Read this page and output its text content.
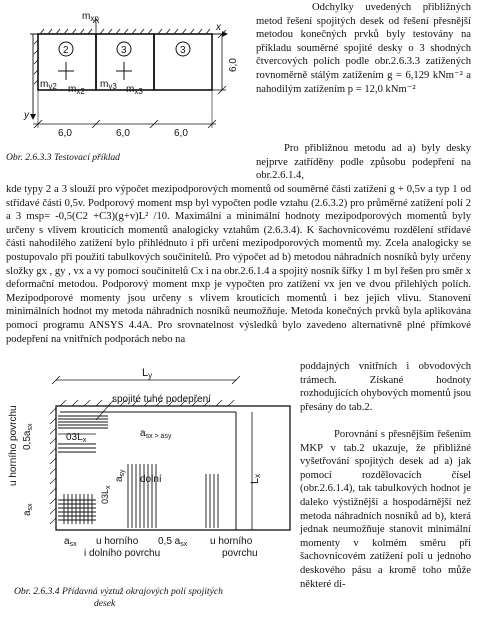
x
y
$m_{xp}$
2	3	3
$m_{y2}$ $m_{x2}$
$m_{y3}$ $m_{x3}$
6,0
6,0	6,0	6,0
Obr. 2.6.3.3 Testovací příklad
Odchylky uvedených přibližných metod řešení spojitých desek od řešení přesnější metodou konečných prvků byly testovány na příkladu souměrné spojité desky o 3 shodných čtvercových polích podle obr.2.6.3.3 zatížených rovnoměrně stálým zatížením g = 6,129 kNm⁻² a nahodilým zatížením p = 12,0 kNm⁻²
Pro přibližnou metodu ad a) byly desky nejprve zatříděny podle způsobu podepření na obr.2.6.1.4,
kde typy 2 a 3 slouží pro výpočet mezipodporových momentů od souměrné části zatížení g + 0,5v a typ 1 od střídavé části 0,5v. Podporový moment msp byl vypočten podle vztahu (2.6.3.2) pro průměrné zatížení polí 2 a 3 msp= -0,5(C2 +C3)(g+v)L² /10. Maximální a minimální hodnoty mezipodporových momentů byly určeny s vlivem krouticích momentů analogicky vztahům (2.6.3.4). K šachovnicovému rozdělení střídavé části nahodilého zatížení bylo přihlédnuto i při určení mezipodporových momentů my. Zcela analogicky se postupovalo při použití tabulkových součinitelů. Pro výpočet ad b) metodou náhradních nosníků byly určeny složky gx , gy , vx a vy pomocí součinitelů Cx i na obr.2.6.1.4 a spojitý nosník šířky 1 m byl řešen pro směr x deformační metodou. Podporový moment mxp je vypočten pro zatížení vx jen ve dvou přilehlých polích. Mezipodporové momenty jsou určeny s vlivem krouticích momentů i bez jejich vlivu. Stanovení minimálních hodnot my metoda náhradních nosníků neumožňuje. Metoda konečných prvků byla aplikována pomocí programu ANSYS 4.4A. Pro srovnatelnost výsledků bylo zavedeno alternativně plné přímkové podepření na vnitřních podporách nebo na
Ly
Lx
spojité tuhé podepření
$03L_x$
$a_{sx > a}sy$
$03L_x$
$a_{sy}$
dolní
u horního povrchu $0,5a_{sx}$
$a_{sx}$
$a_{sx}$ u horního
i dolního povrchu
0,5 $a_{sx}$ u horního
povrchu
Obr. 2.6.3.4 Přídavná výztuž okrajových polí spojitých
desek
poddajných vnitřních i obvodových trámech. Získané hodnoty rozhodujících ohybových momentů jsou přesány do tab.2.
Porovnání s přesnějším řešením MKP v tab.2 ukazuje, že přibližné vyšetřování spojitých desek ad a) jak pomocí rozdělovacích čísel (obr.2.6.1.4), tak tabulkových hodnot je daleko výstižnější a hospodárnější než metoda náhradních nosníků ad b), která jednak neumožňuje stanovit minimální momenty v kolmém směru při šachovnicovém zatížení polí u jednoho deskového pásu a kromě toho může některé di-
